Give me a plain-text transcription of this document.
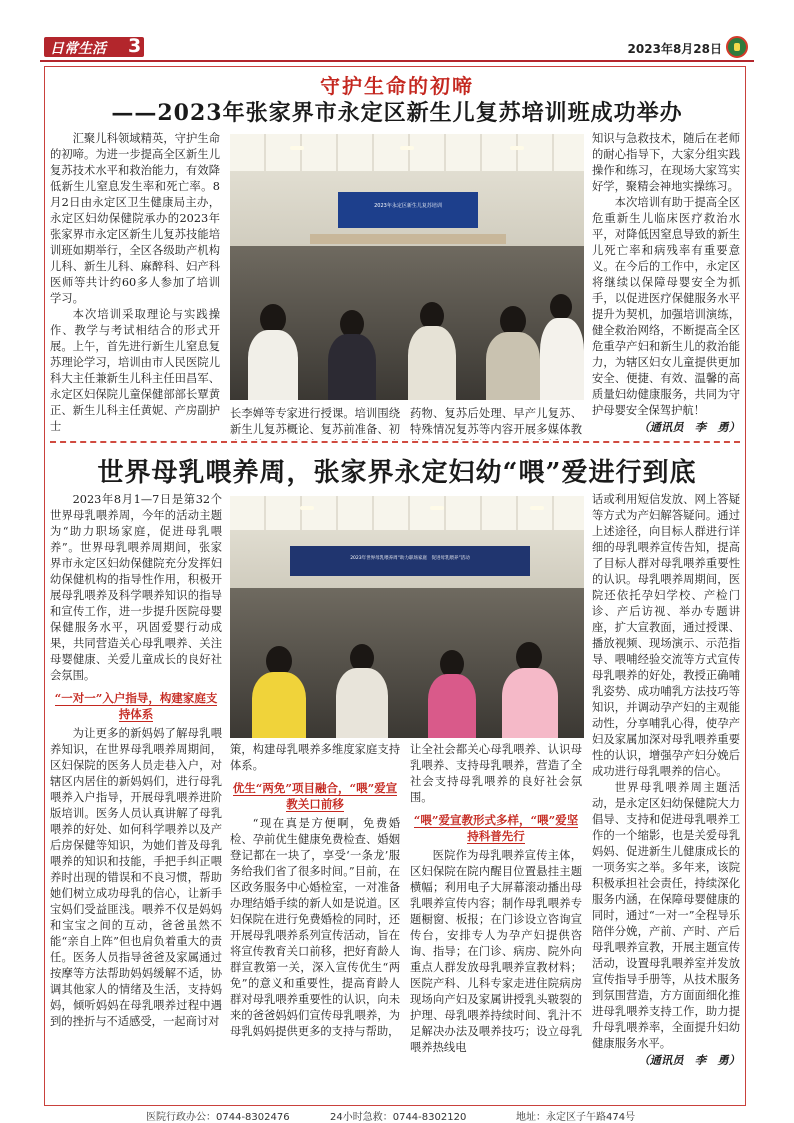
日常生活 3	2023年8月28日
守护生命的初啼
——2023年张家界市永定区新生儿复苏培训班成功举办

汇聚儿科领域精英，守护生命的初啼。为进一步提高全区新生儿复苏技术水平和救治能力，有效降低新生儿窒息发生率和死亡率。8月2日由永定区卫生健康局主办，永定区妇幼保健院承办的2023年张家界市永定区新生儿复苏技能培训班如期举行，全区各级助产机构儿科、新生儿科、麻醉科、妇产科医师等共计约60多人参加了培训学习。

本次培训采取理论与实践操作、教学与考试相结合的形式开展。上午，首先进行新生儿窒息复苏理论学习，培训由市人民医院儿科大主任兼新生儿科主任田昌军、永定区妇保院儿童保健部部长覃黄正、新生儿科主任黄妮、产房副护士

2023年永定区新生儿复苏培训

长李婵等专家进行授课。培训围绕新生儿复苏概论、复苏前准备、初

药物、复苏后处理、早产儿复苏、特殊情况复苏等内容开展多媒体教

知识与急救技术，随后在老师的耐心指导下，大家分组实践操作和练习，在现场大家笃实好学，聚精会神地实操练习。

本次培训有助于提高全区危重新生儿临床医疗救治水平，对降低因窒息导致的新生儿死亡率和病残率有重要意义。在今后的工作中，永定区将继续以保障母婴安全为抓手，以促进医疗保健服务水平提升为契机，加强培训演练，健全救治网络，不断提高全区危重孕产妇和新生儿的救治能力，为辖区妇女儿童提供更加安全、便捷、有效、温馨的高质量妇幼健康服务，共同为守护母婴安全保驾护航！

（通讯员　李　勇）
世界母乳喂养周，张家界永定妇幼“喂”爱进行到底

2023年8月1—7日是第32个世界母乳喂养周，今年的活动主题为“助力职场家庭，促进母乳喂养”。世界母乳喂养周期间，张家界市永定区妇幼保健院充分发挥妇幼保健机构的指导性作用，积极开展母乳喂养及科学喂养知识的指导和宣传工作，进一步提升医院母婴保健服务水平，巩固爱婴行动成果，共同营造关心母乳喂养、关注母婴健康、关爱儿童成长的良好社会氛围。

“一对一”入户指导，构建家庭支持体系

为让更多的新妈妈了解母乳喂养知识，在世界母乳喂养周期间，区妇保院的医务人员走巷入户，对辖区内居住的新妈妈们，进行母乳喂养入户指导，开展母乳喂养进阶版培训。医务人员认真讲解了母乳喂养的好处、如何科学喂养以及产后房保健等知识，为她们普及母乳喂养的知识和技能，手把手纠正喂养时出现的错误和不良习惯，帮助她们树立成功母乳的信心，让新手宝妈们受益匪浅。喂养不仅是妈妈和宝宝之间的互动，爸爸虽然不能“亲自上阵”但也肩负着重大的责任。医务人员指导爸爸及家属通过按摩等方法帮助妈妈缓解不适，协调其他家人的情绪及生活，支持妈妈，倾听妈妈在母乳喂养过程中遇到的挫折与不适感受，一起商讨对

2023年世界母乳喂养周“助力职场家庭　促进母乳喂养”活动

策，构建母乳喂养多维度家庭支持体系。

优生“两免”项目融合，“喂”爱宣教关口前移

“现在真是方便啊，免费婚检、孕前优生健康免费检查、婚姻登记都在一块了，享受‘一条龙’服务给我们省了很多时间。”目前，在区政务服务中心婚检室，一对准备办理结婚手续的新人如是说道。区妇保院在进行免费婚检的同时，还开展母乳喂养系列宣传活动，旨在将宣传教育关口前移，把好育龄人群宣教第一关，深入宣传优生“两免”的意义和重要性，提高育龄人群对母乳喂养重要性的认识，向未来的爸爸妈妈们宣传母乳喂养，为母乳妈妈提供更多的支持与帮助，

让全社会都关心母乳喂养、认识母乳喂养、支持母乳喂养，营造了全社会支持母乳喂养的良好社会氛围。

“喂”爱宣教形式多样，“喂”爱坚持科普先行

医院作为母乳喂养宣传主体，区妇保院在院内醒目位置悬挂主题横幅；利用电子大屏幕滚动播出母乳喂养宣传内容；制作母乳喂养专题橱窗、板报；在门诊设立咨询宣传台，安排专人为孕产妇提供咨询、指导；在门诊、病房、院外向重点人群发放母乳喂养宣教材料；医院产科、儿科专家走进住院病房现场向产妇及家属讲授乳头皲裂的护理、母乳喂养持续时间、乳汁不足解决办法及喂养技巧；设立母乳喂养热线电

话或利用短信发放、网上答疑等方式为产妇解答疑问。通过上述途径，向目标人群进行详细的母乳喂养宣传告知，提高了目标人群对母乳喂养重要性的认识。母乳喂养周期间，医院还依托孕妇学校、产检门诊、产后访视、举办专题讲座，扩大宣教面，通过授课、播放视频、现场演示、示范指导、喂哺经验交流等方式宣传母乳喂养的好处，教授正确哺乳姿势、成功哺乳方法技巧等知识，并调动孕产妇的主观能动性，分享哺乳心得，使孕产妇及家属加深对母乳喂养重要性的认识，增强孕产妇分娩后成功进行母乳喂养的信心。

世界母乳喂养周主题活动，是永定区妇幼保健院大力倡导、支持和促进母乳喂养工作的一个缩影，也是关爱母乳妈妈、促进新生儿健康成长的一项务实之举。多年来，该院积极承担社会责任，持续深化服务内涵，在保障母婴健康的同时，通过“一对一”全程导乐陪伴分娩，产前、产时、产后母乳喂养宣教，开展主题宣传活动，设置母乳喂养室并发放宣传指导手册等，从技术服务到氛围营造，方方面面细化推进母乳喂养支持工作，助力提升母乳喂养率，全面提升妇幼健康服务水平。

（通讯员　李　勇）
医院行政办公：0744-8302476	24小时急救：0744-8302120	地址：永定区子午路474号
